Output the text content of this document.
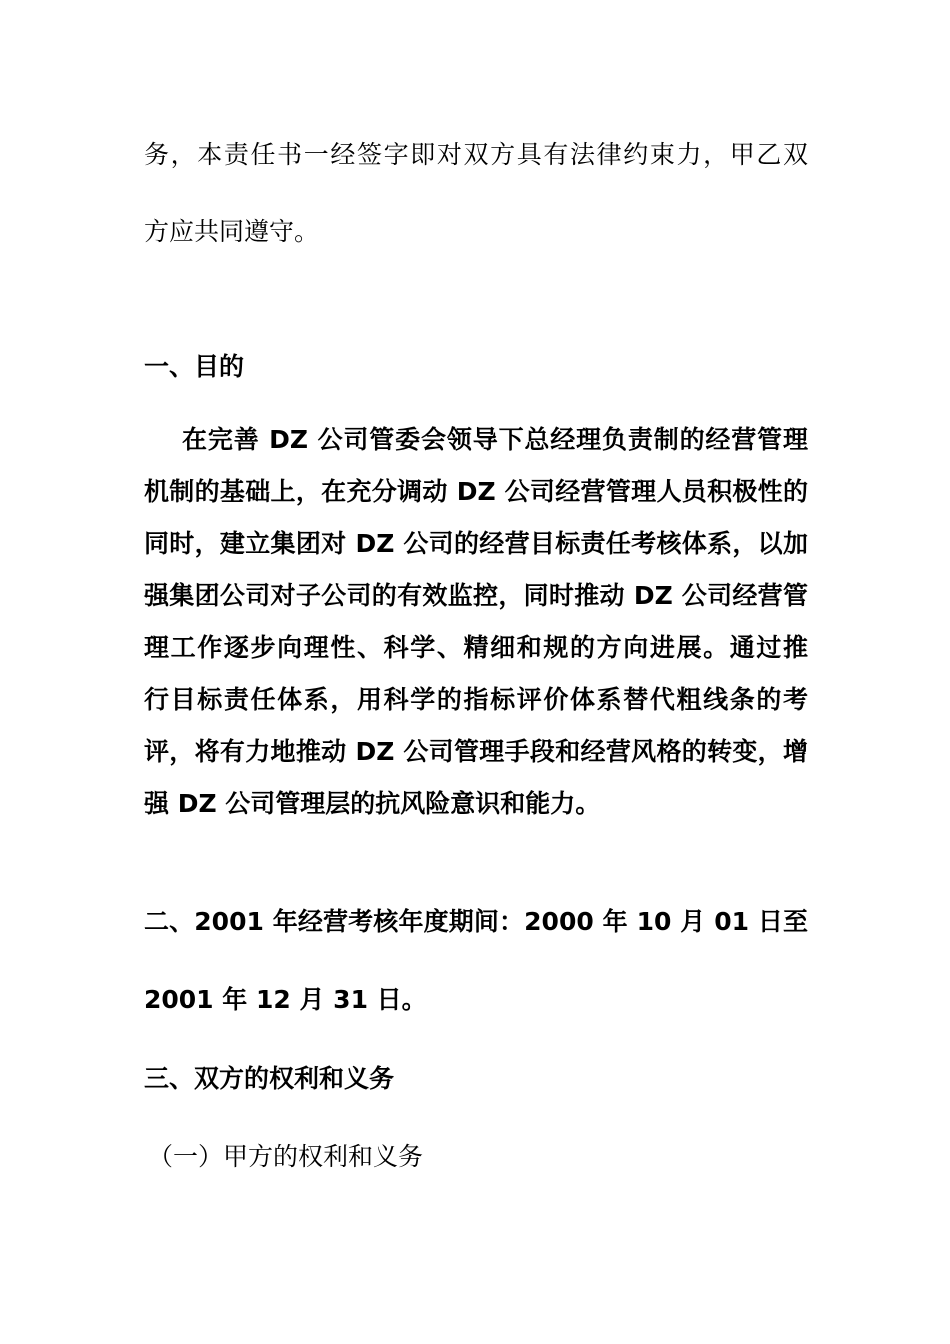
务，本责任书一经签字即对双方具有法律约束力，甲乙双
方应共同遵守。
一、目的
在完善 DZ 公司管委会领导下总经理负责制的经营管理
机制的基础上，在充分调动 DZ 公司经营管理人员积极性的
同时，建立集团对 DZ 公司的经营目标责任考核体系，以加
强集团公司对子公司的有效监控，同时推动 DZ 公司经营管
理工作逐步向理性、科学、精细和规的方向进展。通过推
行目标责任体系，用科学的指标评价体系替代粗线条的考
评，将有力地推动 DZ 公司管理手段和经营风格的转变，增
强 DZ 公司管理层的抗风险意识和能力。
二、2001 年经营考核年度期间：2000 年 10 月 01 日至
2001 年 12 月 31 日。
三、双方的权利和义务
（一）甲方的权利和义务
